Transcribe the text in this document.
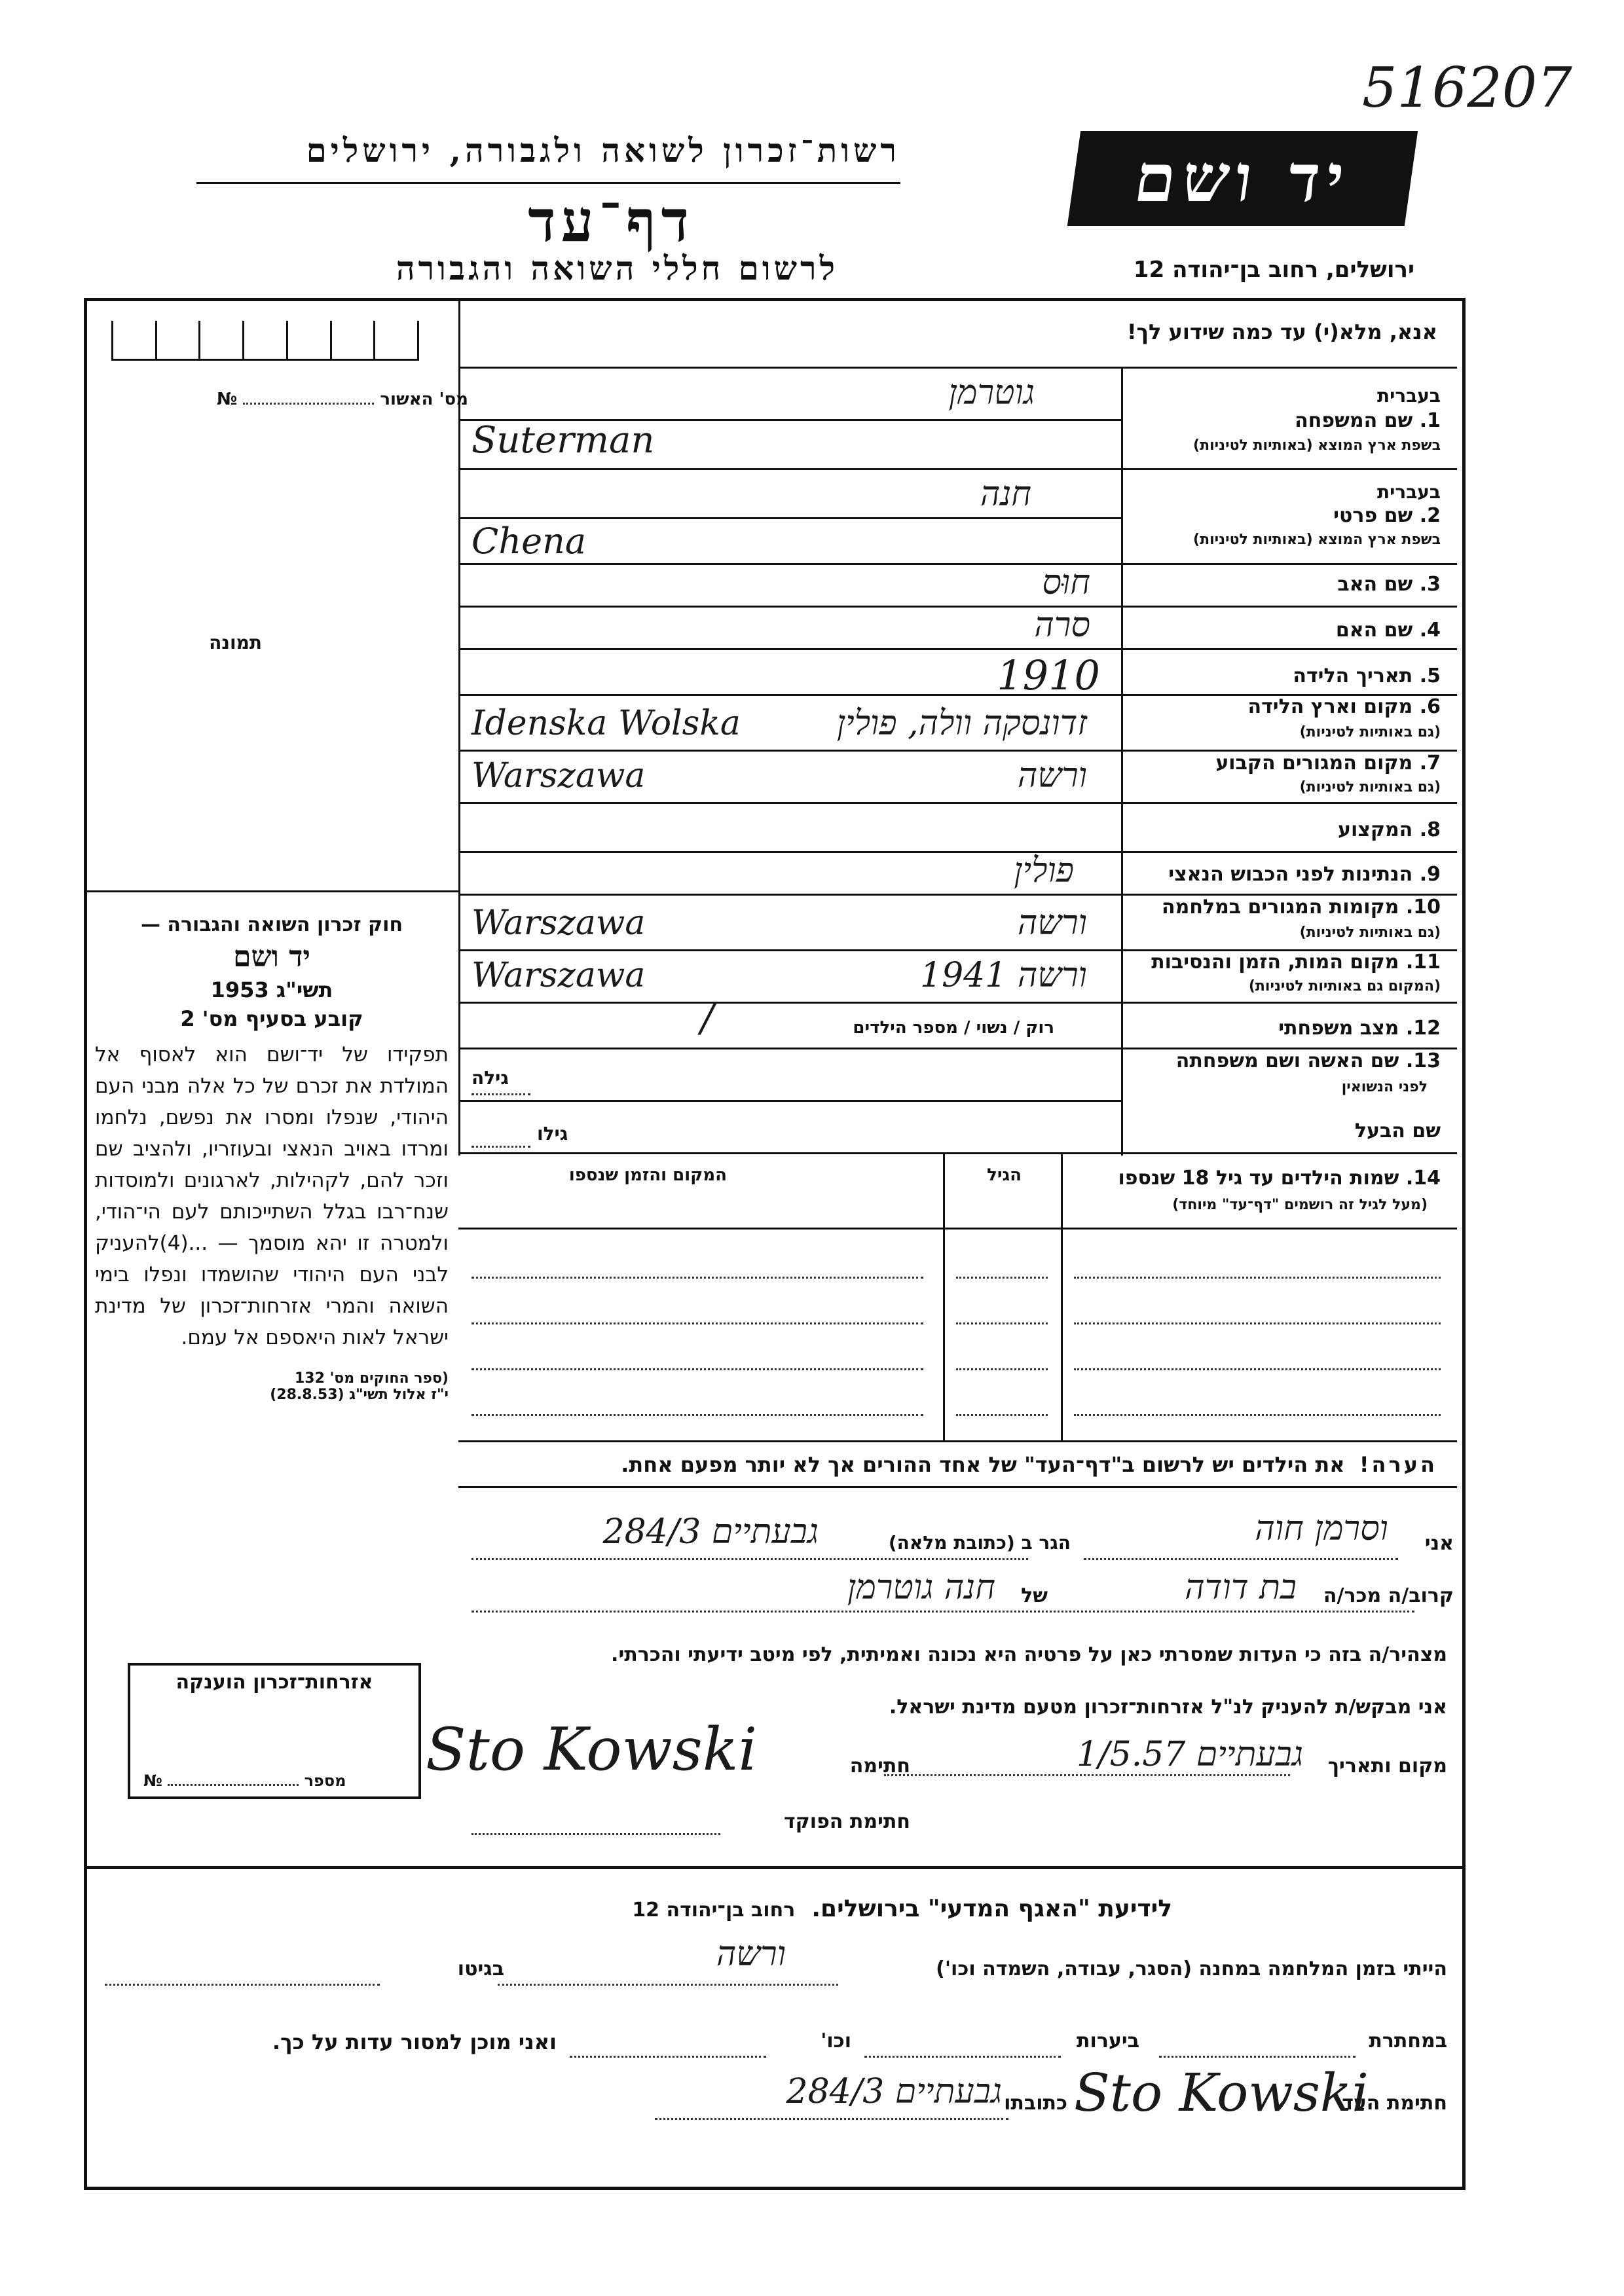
516207
רשות־זכרון לשואה ולגבורה, ירושלים
דף־עד
לרשום חללי השואה והגבורה
יד ושם
ירושלים, רחוב בן־יהודה 12
אנא, מלא(י) עד כמה שידוע לך!
מס' האשור  №
תמונה
בעברית
1. שם המשפחה
בשפת ארץ המוצא (באותיות לטיניות)
בעברית
2. שם פרטי
בשפת ארץ המוצא (באותיות לטיניות)
3. שם האב
4. שם האם
5. תאריך הלידה
6. מקום וארץ הלידה
(גם באותיות לטיניות)
7. מקום המגורים הקבוע
(גם באותיות לטיניות)
8. המקצוע
9. הנתינות לפני הכבוש הנאצי
10. מקומות המגורים במלחמה
(גם באותיות לטיניות)
11. מקום המות, הזמן והנסיבות
(המקום גם באותיות לטיניות)
12. מצב משפחתי
13. שם האשה ושם משפחתה
לפני הנשואין
שם הבעל
גוטרמן
Suterman
חנה
Chena
חוּס
סרה
1910
זדונסקה וולה, פולין
Idenska Wolska
ורשה
Warszawa
פולין
ורשה
Warszawa
ורשה 1941
Warszawa
רוק / נשוי / מספר הילדים
/
גילה
גילו
חוק זכרון השואה והגבורה —
יד ושם
תשי"ג 1953
קובע בסעיף מס' 2
תפקידו של יד־ושם הוא לאסוף אל המולדת את זכרם של כל אלה מבני העם היהודי, שנפלו ומסרו את נפשם, נלחמו ומרדו באויב הנאצי ובעוזריו, ולהציב שם וזכר להם, לקהילות, לארגונים ולמוסדות שנח־רבו בגלל השתייכותם לעם הי־הודי, ולמטרה זו יהא מוסמך — ...(4)להעניק לבני העם היהודי שהושמדו ונפלו בימי השואה והמרי אזרחות־זכרון של מדינת ישראל לאות היאספם אל עמם.
(ספר החוקים מס' 132
י"ז אלול תשי"ג (28.8.53)
14. שמות הילדים עד גיל 18 שנספו
(מעל לגיל זה רושמים "דף־עד" מיוחד)
הגיל
המקום והזמן שנספו
הערה!  את הילדים יש לרשום ב"דף־העד" של אחד ההורים אך לא יותר מפעם אחת.
אני
וסרמן חוה
הגר ב (כתובת מלאה)
גבעתיים 284/3
קרוב/ה מכר/ה
בת דודה
של
חנה גוטרמן
מצהיר/ה בזה כי העדות שמסרתי כאן על פרטיה היא נכונה ואמיתית, לפי מיטב ידיעתי והכרתי.
אני מבקש/ת להעניק לנ"ל אזרחות־זכרון מטעם מדינת ישראל.
מקום ותאריך
גבעתיים 1/5.57
חתימה
Sto Kowski
חתימת הפוקד
אזרחות־זכרון הוענקה
מספר  №
לידיעת "האגף המדעי" בירושלים.  רחוב בן־יהודה 12
הייתי בזמן המלחמה במחנה (הסגר, עבודה, השמדה וכו')
ורשה
בגיטו
במחתרת
ביערות
וכו'
ואני מוכן למסור עדות על כך.
חתימת העד
Sto Kowski
כתובתו
גבעתיים 284/3
